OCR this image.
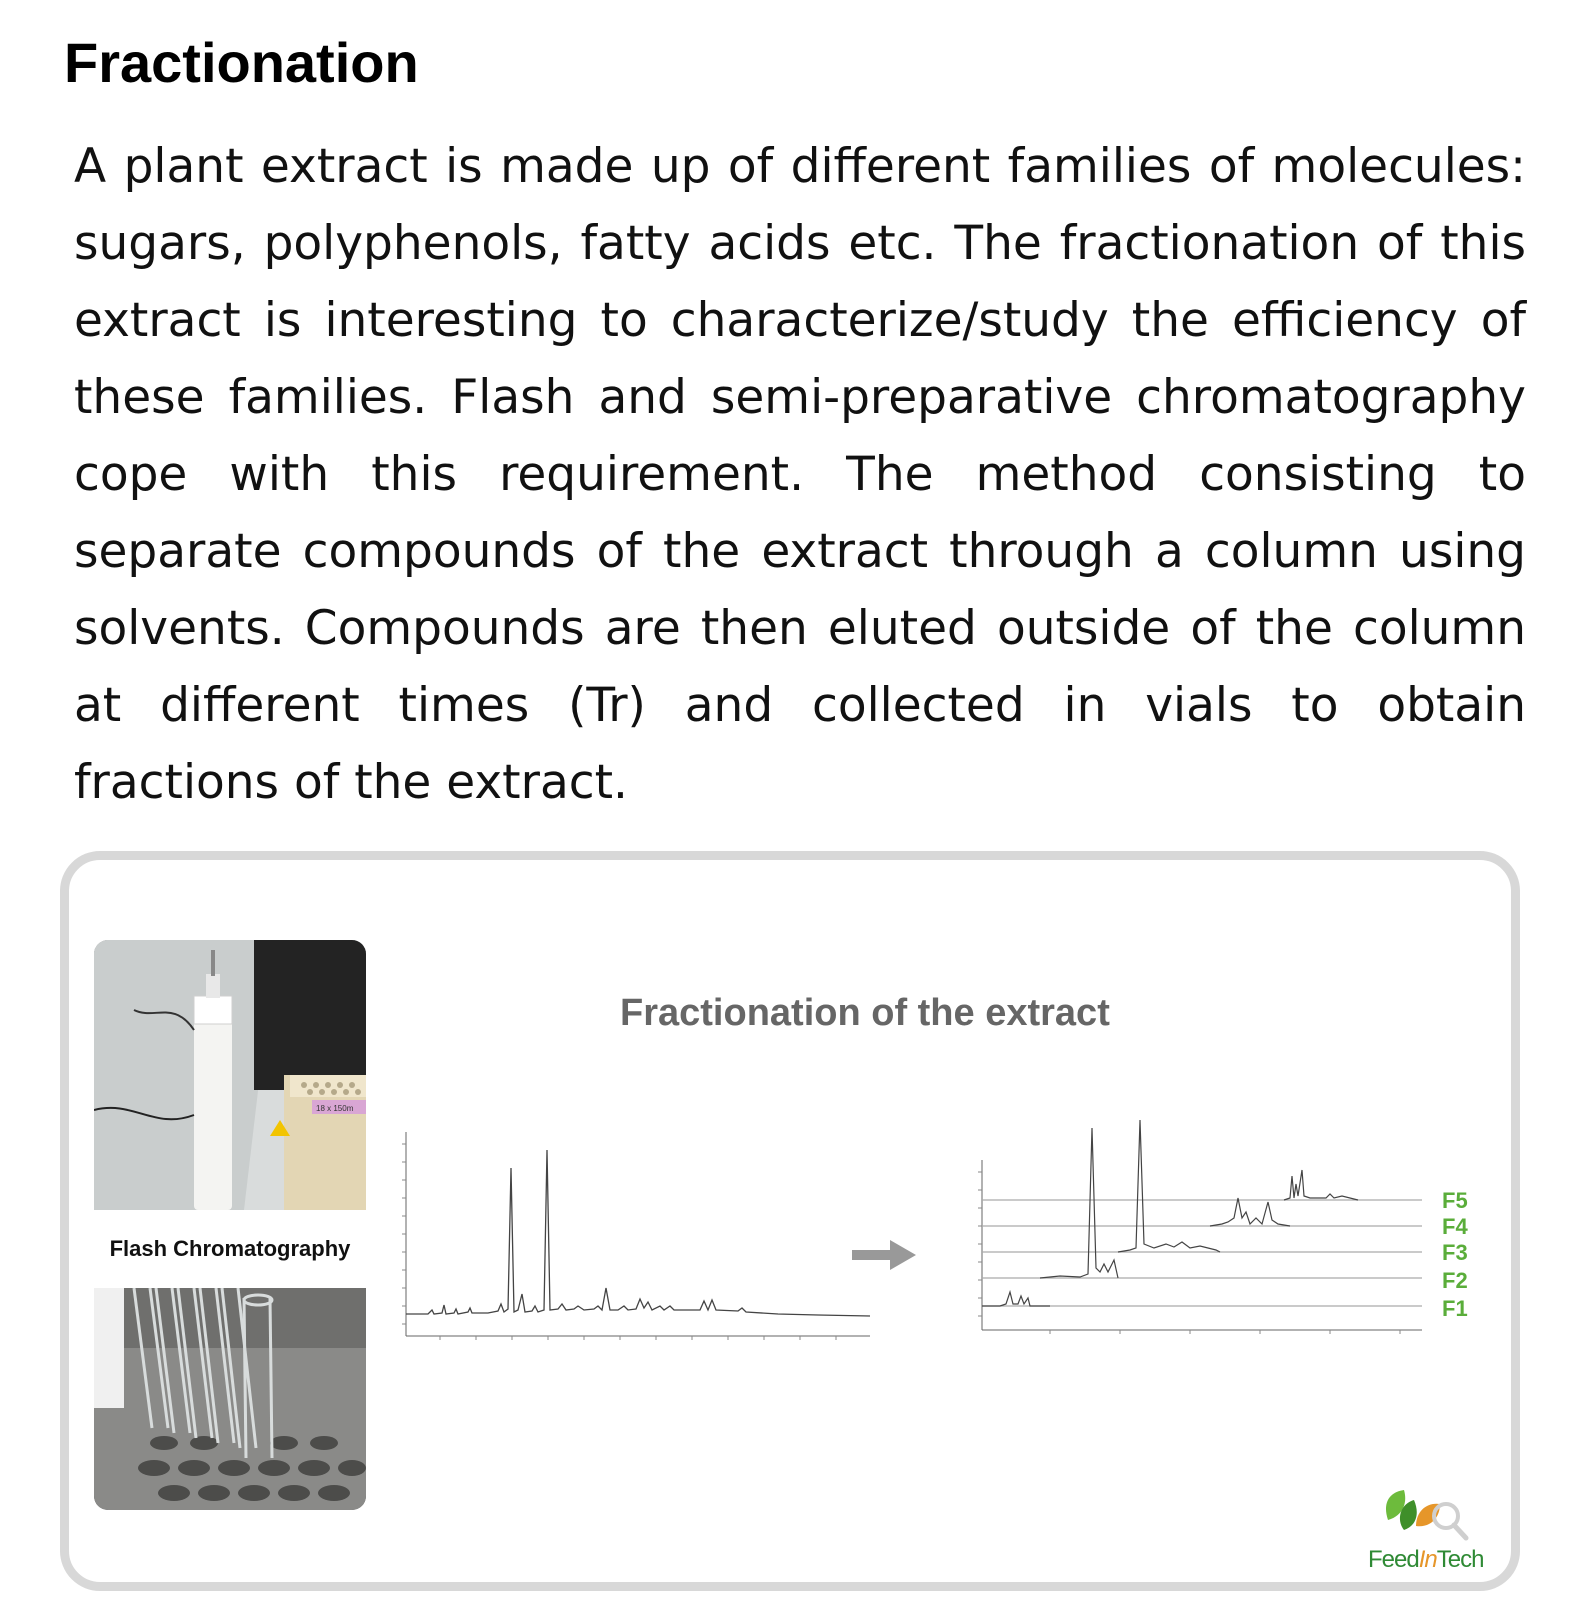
Fractionation

A plant extract is made up of different families of molecules: sugars, polyphenols, fatty acids etc. The fractionation of this extract is interesting to characterize/study the efficiency of these families. Flash and semi-preparative chromatography cope with this requirement. The method consisting to separate compounds of the extract through a column using solvents. Compounds are then eluted outside of the column at different times (Tr) and collected in vials to obtain fractions of the extract.

18 x 150m
Flash Chromatography
Fractionation of the extract
F5
F4
F3
F2
F1
FeedInTech
